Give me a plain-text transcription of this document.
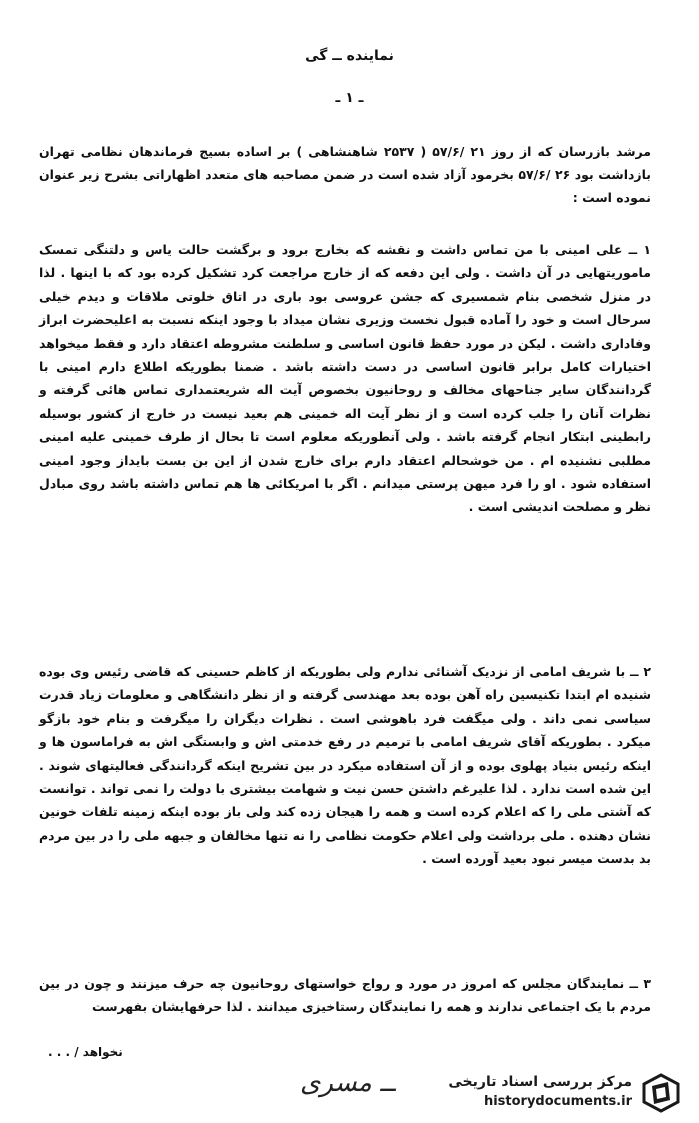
نماینده ــ گی
ـ ۱ ـ
مرشد بازرسان که از روز ۲۱ /۵۷/۶ ( ۲۵۳۷ شاهنشاهی ) بر اساده بسیج فرماندهان نظامی تهران بازداشت بود ۲۶ /۵۷/۶ بخرمود آزاد شده است در ضمن مصاحبه های متعدد اظهاراتی بشرح زیر عنوان نموده است :
۱ ــ علی امینی با من تماس داشت و نقشه که بخارج برود و برگشت حالت یاس و دلتنگی تمسک ماموریتهایی در آن داشت . ولی این دفعه که از خارج مراجعت کرد تشکیل کرده بود که با اینها . لذا در منزل شخصی بنام شمسیری که جشن عروسی بود باری در اتاق خلوتی ملاقات و دیدم خیلی سرحال است و خود را آماده قبول نخست وزیری نشان میداد با وجود اینکه نسبت به اعلیحضرت ابراز وفاداری داشت . لیکن در مورد حفظ قانون اساسی و سلطنت مشروطه اعتقاد دارد و فقط میخواهد اختیارات کامل برابر قانون اساسی در دست داشته باشد . ضمنا بطوریکه اطلاع دارم امینی با گردانندگان سایر جناحهای مخالف و روحانیون بخصوص آیت اله شریعتمداری تماس هائی گرفته و نظرات آنان را جلب کرده است و از نظر آیت اله خمینی هم بعید نیست در خارج از کشور بوسیله رابطینی ابتکار انجام گرفته باشد . ولی آنطوریکه معلوم است تا بحال از طرف خمینی علیه امینی مطلبی نشنیده ام . من خوشحالم اعتقاد دارم برای خارج شدن از این بن بست بایداز وجود امینی استفاده شود . او را فرد میهن پرستی میدانم . اگر با امریکائی ها هم تماس داشته باشد روی مبادل نظر و مصلحت اندیشی است .
۲ ــ با شریف امامی از نزدیک آشنائی ندارم ولی بطوریکه از کاظم حسینی که قاضی رئیس وی بوده شنیده ام ابتدا تکنیسین راه آهن بوده بعد مهندسی گرفته و از نظر دانشگاهی و معلومات زیاد قدرت سیاسی نمی داند . ولی میگفت فرد باهوشی است . نظرات دیگران را میگرفت و بنام خود بازگو میکرد . بطوریکه آقای شریف امامی با ترمیم در رفع خدمتی اش و وابستگی اش به فراماسون ها و اینکه رئیس بنیاد پهلوی بوده و از آن استفاده میکرد در بین تشریح اینکه گردانندگی فعالیتهای شوند . این شده است ندارد . لذا علیرغم داشتن حسن نیت و شهامت بیشتری با دولت را نمی تواند . توانست که آشتی ملی را که اعلام کرده است و همه را هیجان زده کند ولی باز بوده اینکه زمینه تلفات خونین نشان دهنده . ملی برداشت ولی اعلام حکومت نظامی را نه تنها مخالفان و جبهه ملی را در بین مردم بد بدست میسر نبود بعید آورده است .
۳ ــ نمایندگان مجلس که امروز در مورد و رواج خواستهای روحانیون چه حرف میزنند و چون در بین مردم با یک اجتماعی ندارند و همه را نمایندگان رستاخیزی میدانند . لذا حرفهایشان بفهرست
نخواهد / . . .
ــ مسری	مرکز بررسی اسناد تاریخی
historydocuments.ir
